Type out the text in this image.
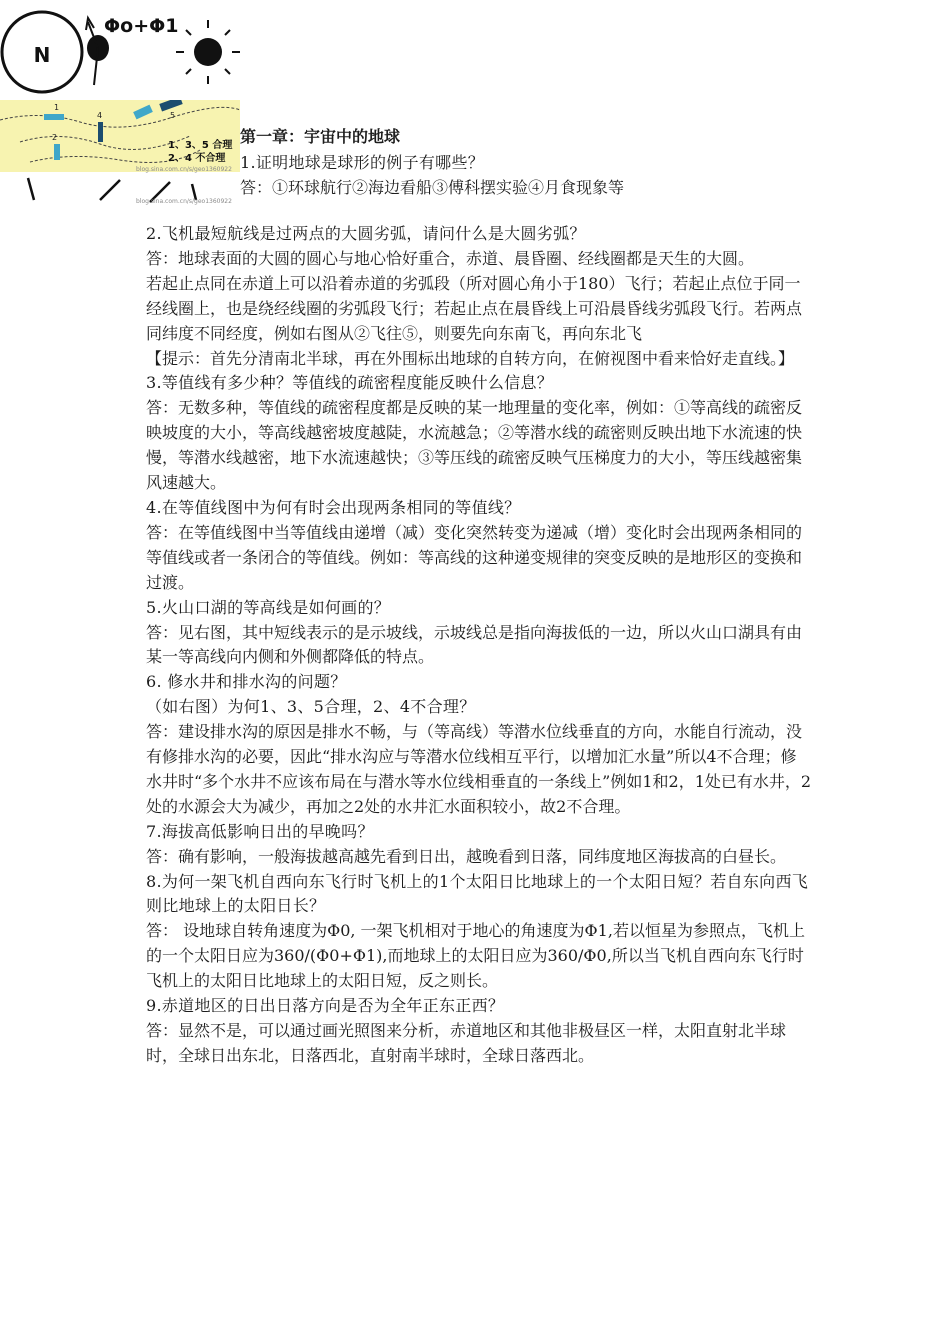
N
Φo+Φ1
1
4
2
5
1、3、5 合理
2、4 不合理
blog.sina.com.cn/s/geo1360922
blog.sina.com.cn/s/geo1360922
第一章：宇宙中的地球
1.证明地球是球形的例子有哪些？
答：①环球航行②海边看船③傅科摆实验④月食现象等

2.飞机最短航线是过两点的大圆劣弧，请问什么是大圆劣弧？

答：地球表面的大圆的圆心与地心恰好重合，赤道、晨昏圈、经线圈都是天生的大圆。

若起止点同在赤道上可以沿着赤道的劣弧段（所对圆心角小于180）飞行；若起止点位于同一经线圈上，也是绕经线圈的劣弧段飞行；若起止点在晨昏线上可沿晨昏线劣弧段飞行。若两点同纬度不同经度，例如右图从②飞往⑤，则要先向东南飞，再向东北飞

【提示：首先分清南北半球，再在外围标出地球的自转方向，在俯视图中看来恰好走直线。】

3.等值线有多少种？等值线的疏密程度能反映什么信息？

答：无数多种，等值线的疏密程度都是反映的某一地理量的变化率，例如：①等高线的疏密反映坡度的大小，等高线越密坡度越陡，水流越急；②等潜水线的疏密则反映出地下水流速的快慢，等潜水线越密，地下水流速越快；③等压线的疏密反映气压梯度力的大小，等压线越密集风速越大。

4.在等值线图中为何有时会出现两条相同的等值线？

答：在等值线图中当等值线由递增（减）变化突然转变为递减（增）变化时会出现两条相同的等值线或者一条闭合的等值线。例如：等高线的这种递变规律的突变反映的是地形区的变换和过渡。

5.火山口湖的等高线是如何画的？

答：见右图，其中短线表示的是示坡线，示坡线总是指向海拔低的一边，所以火山口湖具有由某一等高线向内侧和外侧都降低的特点。

6. 修水井和排水沟的问题？

（如右图）为何1、3、5合理，2、4不合理？

答：建设排水沟的原因是排水不畅，与（等高线）等潜水位线垂直的方向，水能自行流动，没有修排水沟的必要，因此“排水沟应与等潜水位线相互平行，以增加汇水量”所以4不合理；修水井时“多个水井不应该布局在与潜水等水位线相垂直的一条线上”例如1和2，1处已有水井，2处的水源会大为减少，再加之2处的水井汇水面积较小，故2不合理。

7.海拔高低影响日出的早晚吗？

答：确有影响，一般海拔越高越先看到日出，越晚看到日落，同纬度地区海拔高的白昼长。

8.为何一架飞机自西向东飞行时飞机上的1个太阳日比地球上的一个太阳日短？若自东向西飞则比地球上的太阳日长？

答： 设地球自转角速度为Φ0, 一架飞机相对于地心的角速度为Φ1,若以恒星为参照点，飞机上的一个太阳日应为360/(Φ0+Φ1),而地球上的太阳日应为360/Φ0,所以当飞机自西向东飞行时飞机上的太阳日比地球上的太阳日短，反之则长。

9.赤道地区的日出日落方向是否为全年正东正西？

答：显然不是，可以通过画光照图来分析，赤道地区和其他非极昼区一样，太阳直射北半球时，全球日出东北，日落西北，直射南半球时，全球日落西北。
